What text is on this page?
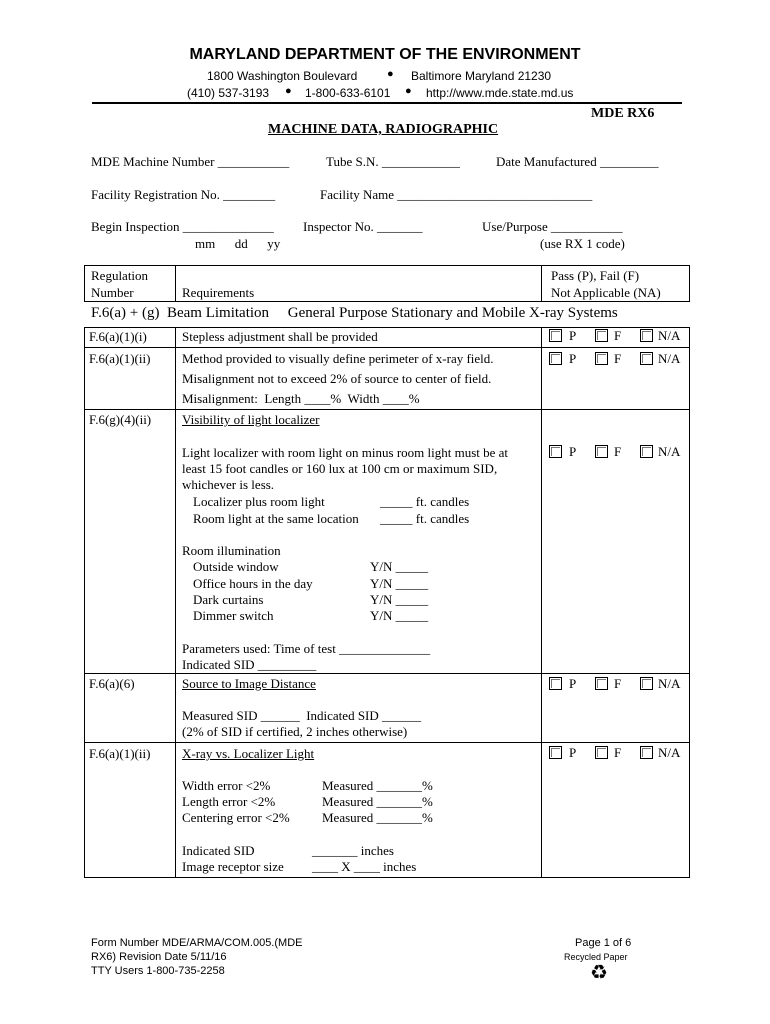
MARYLAND DEPARTMENT OF THE ENVIRONMENT
1800 Washington Boulevard	● Baltimore Maryland 21230
(410) 537-3193 ● 1-800-633-6101 ● http://www.mde.state.md.us
MDE RX6
MACHINE DATA, RADIOGRAPHIC
MDE Machine Number ___________	Tube S.N. ____________	Date Manufactured _________
Facility Registration No. ________	Facility Name ______________________________
Begin Inspection ______________ Inspector No. _______	Use/Purpose ___________
mm      dd      yy	(use RX 1 code)
Regulation
Number	Requirements
Pass (P), Fail (F)
Not Applicable (NA)
F.6(a) + (g)  Beam Limitation     General Purpose Stationary and Mobile X-ray Systems
F.6(a)(1)(i)	Stepless adjustment shall be provided	P	F	N/A
F.6(a)(1)(ii) Method provided to visually define perimeter of x-ray field.
Misalignment not to exceed 2% of source to center of field.
Misalignment:  Length ____%  Width ____%
P	F	N/A
F.6(g)(4)(ii) Visibility of light localizer
Light localizer with room light on minus room light must be at
least 15 foot candles or 160 lux at 100 cm or maximum SID,
whichever is less.
Localizer plus room light	_____ ft. candles
Room light at the same location _____ ft. candles
Room illumination
Outside window	Y/N _____
Office hours in the day	Y/N _____
Dark curtains	Y/N _____
Dimmer switch	Y/N _____
Parameters used: Time of test ______________
Indicated SID _________
P	F	N/A
F.6(a)(6)	Source to Image Distance
Measured SID ______  Indicated SID ______
(2% of SID if certified, 2 inches otherwise)
P	F	N/A
F.6(a)(1)(ii) X-ray vs. Localizer Light
Width error <2%	Measured _______%
Length error <2%	Measured _______%
Centering error <2% Measured _______%
Indicated SID	_______ inches
Image receptor size ____ X ____ inches
P	F	N/A
Form Number MDE/ARMA/COM.005.(MDE
RX6) Revision Date 5/11/16
TTY Users 1-800-735-2258
Page 1 of 6
Recycled Paper
♻
